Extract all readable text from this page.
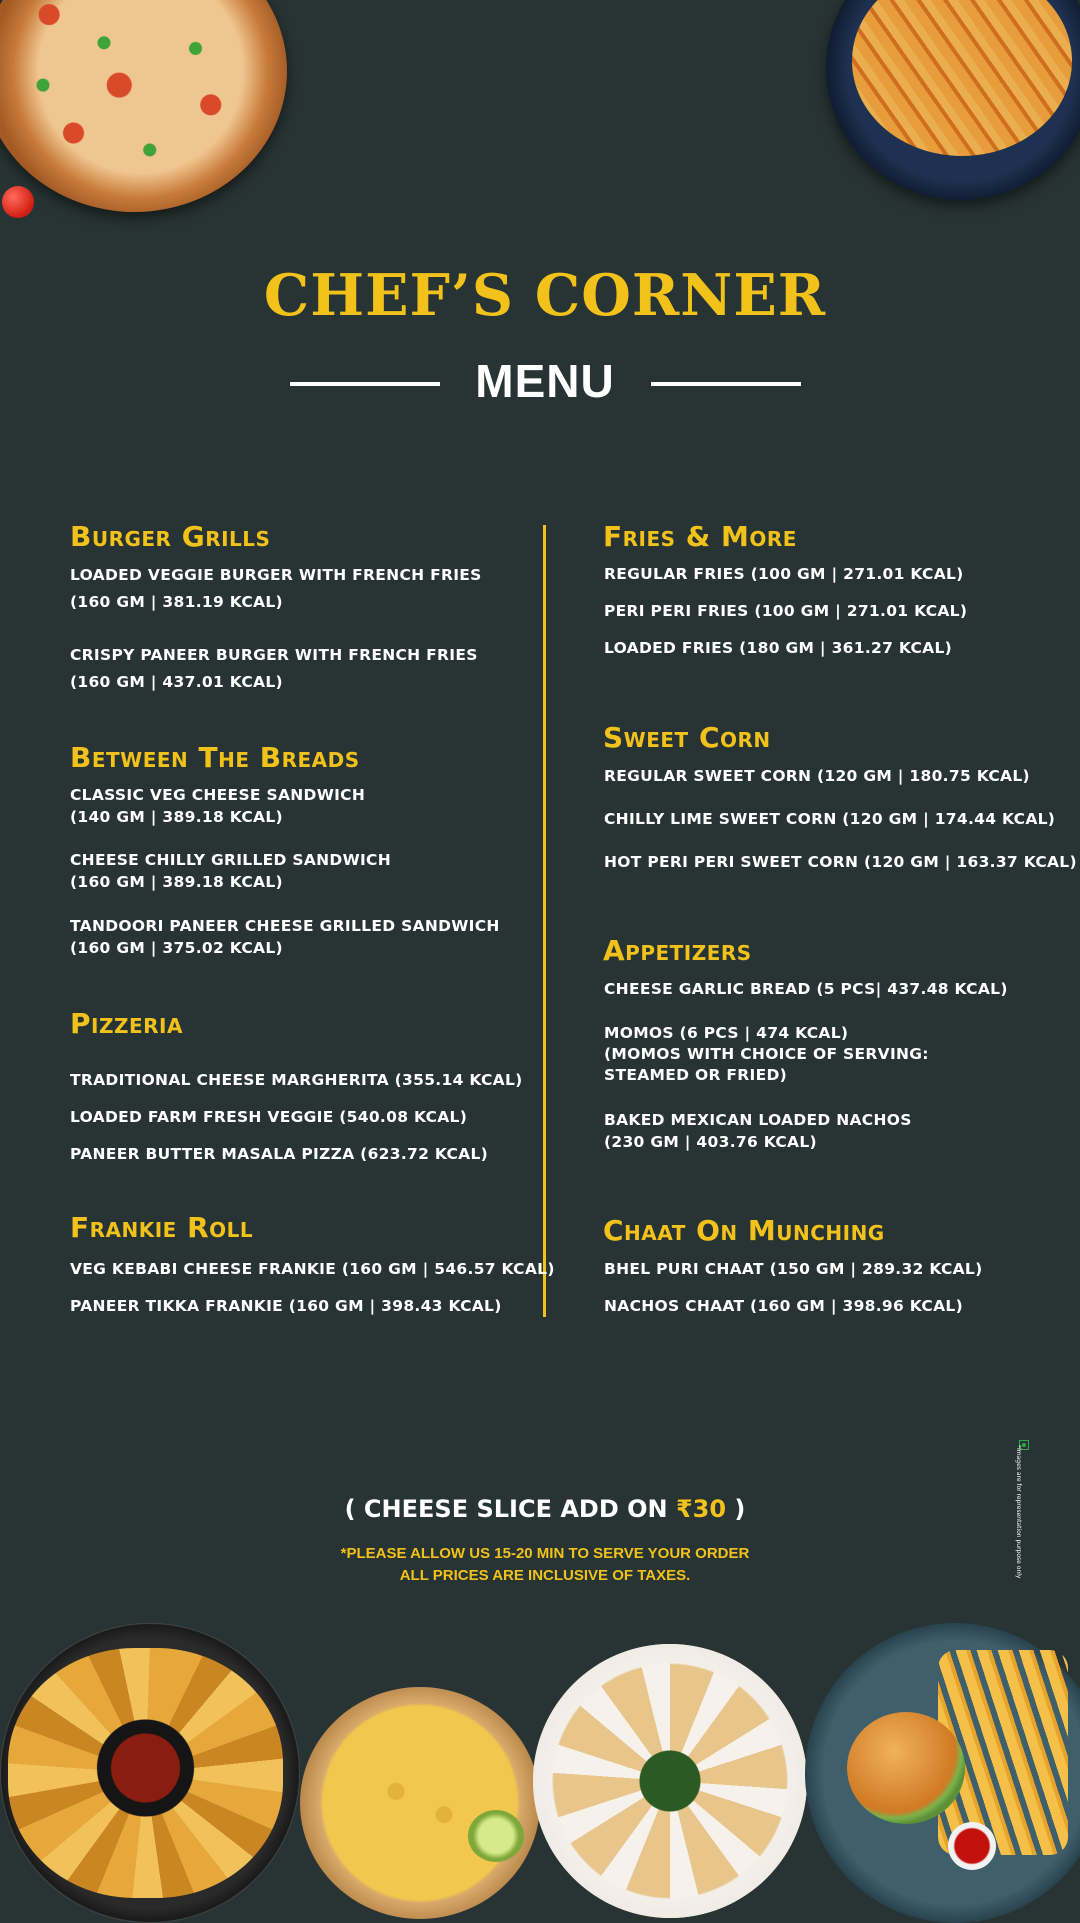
CHEF’S CORNER
MENU
Burger Grills
LOADED VEGGIE BURGER WITH FRENCH FRIES
(160 GM | 381.19 KCAL)
CRISPY PANEER BURGER WITH FRENCH FRIES
(160 GM | 437.01 KCAL)
Between The Breads
CLASSIC VEG CHEESE SANDWICH
(140 GM | 389.18 KCAL)
CHEESE CHILLY GRILLED SANDWICH
(160 GM | 389.18 KCAL)
TANDOORI PANEER CHEESE GRILLED SANDWICH
(160 GM | 375.02 KCAL)
Pizzeria
TRADITIONAL CHEESE MARGHERITA (355.14 KCAL)
LOADED FARM FRESH VEGGIE (540.08 KCAL)
PANEER BUTTER MASALA PIZZA (623.72 KCAL)
Frankie Roll
VEG KEBABI CHEESE FRANKIE (160 GM | 546.57 KCAL)
PANEER TIKKA FRANKIE (160 GM | 398.43 KCAL)
Fries & More
REGULAR FRIES (100 GM | 271.01 KCAL)
PERI PERI FRIES (100 GM | 271.01 KCAL)
LOADED FRIES (180 GM | 361.27 KCAL)
Sweet Corn
REGULAR SWEET CORN (120 GM | 180.75 KCAL)
CHILLY LIME SWEET CORN (120 GM | 174.44 KCAL)
HOT PERI PERI SWEET CORN (120 GM | 163.37 KCAL)
Appetizers
CHEESE GARLIC BREAD (5 PCS| 437.48 KCAL)
MOMOS (6 PCS | 474 KCAL)
(MOMOS WITH CHOICE OF SERVING:
STEAMED OR FRIED)
BAKED MEXICAN LOADED NACHOS
(230 GM | 403.76 KCAL)
Chaat On Munching
BHEL PURI CHAAT (150 GM | 289.32 KCAL)
NACHOS CHAAT (160 GM | 398.96 KCAL)
( CHEESE SLICE ADD ON ₹30 )
*PLEASE ALLOW US 15-20 MIN TO SERVE YOUR ORDER
ALL PRICES ARE INCLUSIVE OF TAXES.	*Images are for representation purpose only
